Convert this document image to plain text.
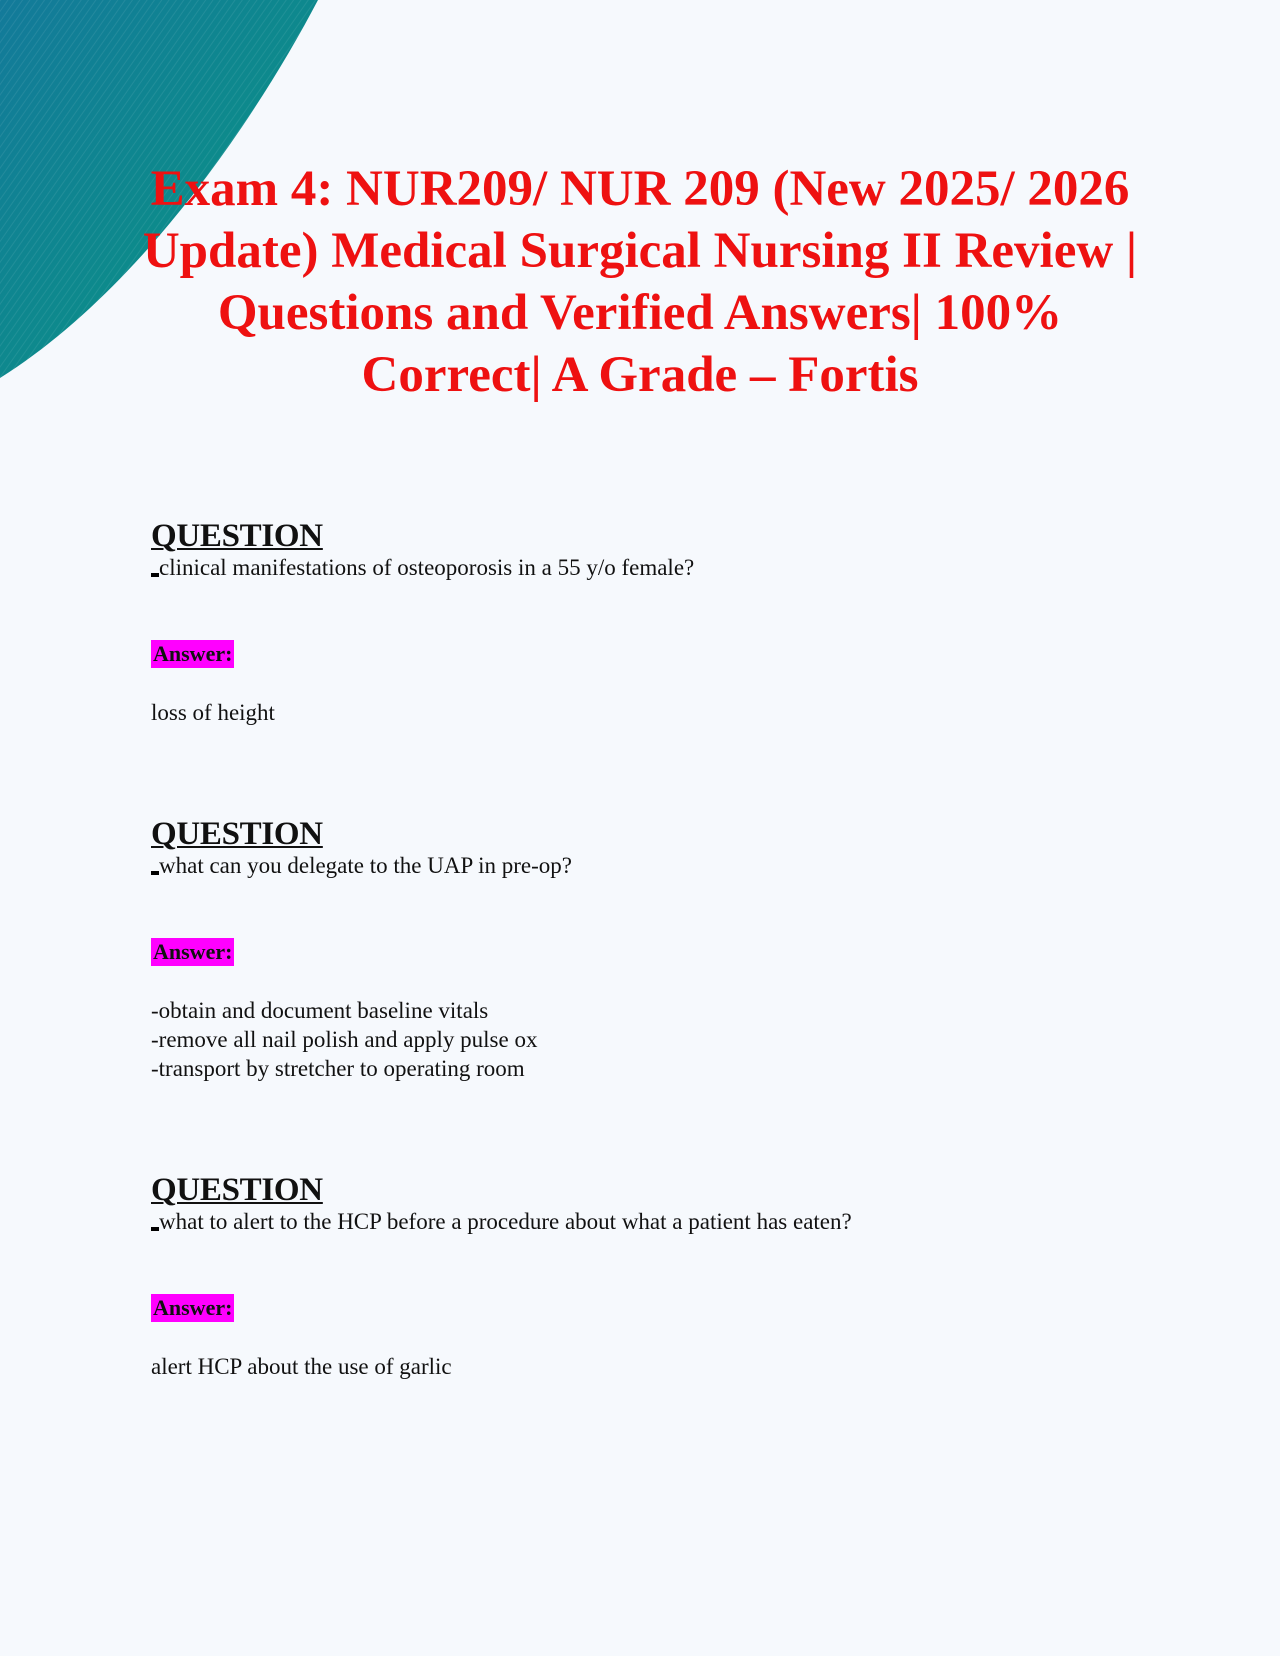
Exam 4: NUR209/ NUR 209 (New 2025/ 2026 Update) Medical Surgical Nursing II Review | Questions and Verified Answers| 100% Correct| A Grade – Fortis

QUESTION

clinical manifestations of osteoporosis in a 55 y/o female?

Answer:
loss of height

QUESTION

what can you delegate to the UAP in pre-op?

Answer:
-obtain and document baseline vitals
-remove all nail polish and apply pulse ox
-transport by stretcher to operating room

QUESTION

what to alert to the HCP before a procedure about what a patient has eaten?

Answer:
alert HCP about the use of garlic
